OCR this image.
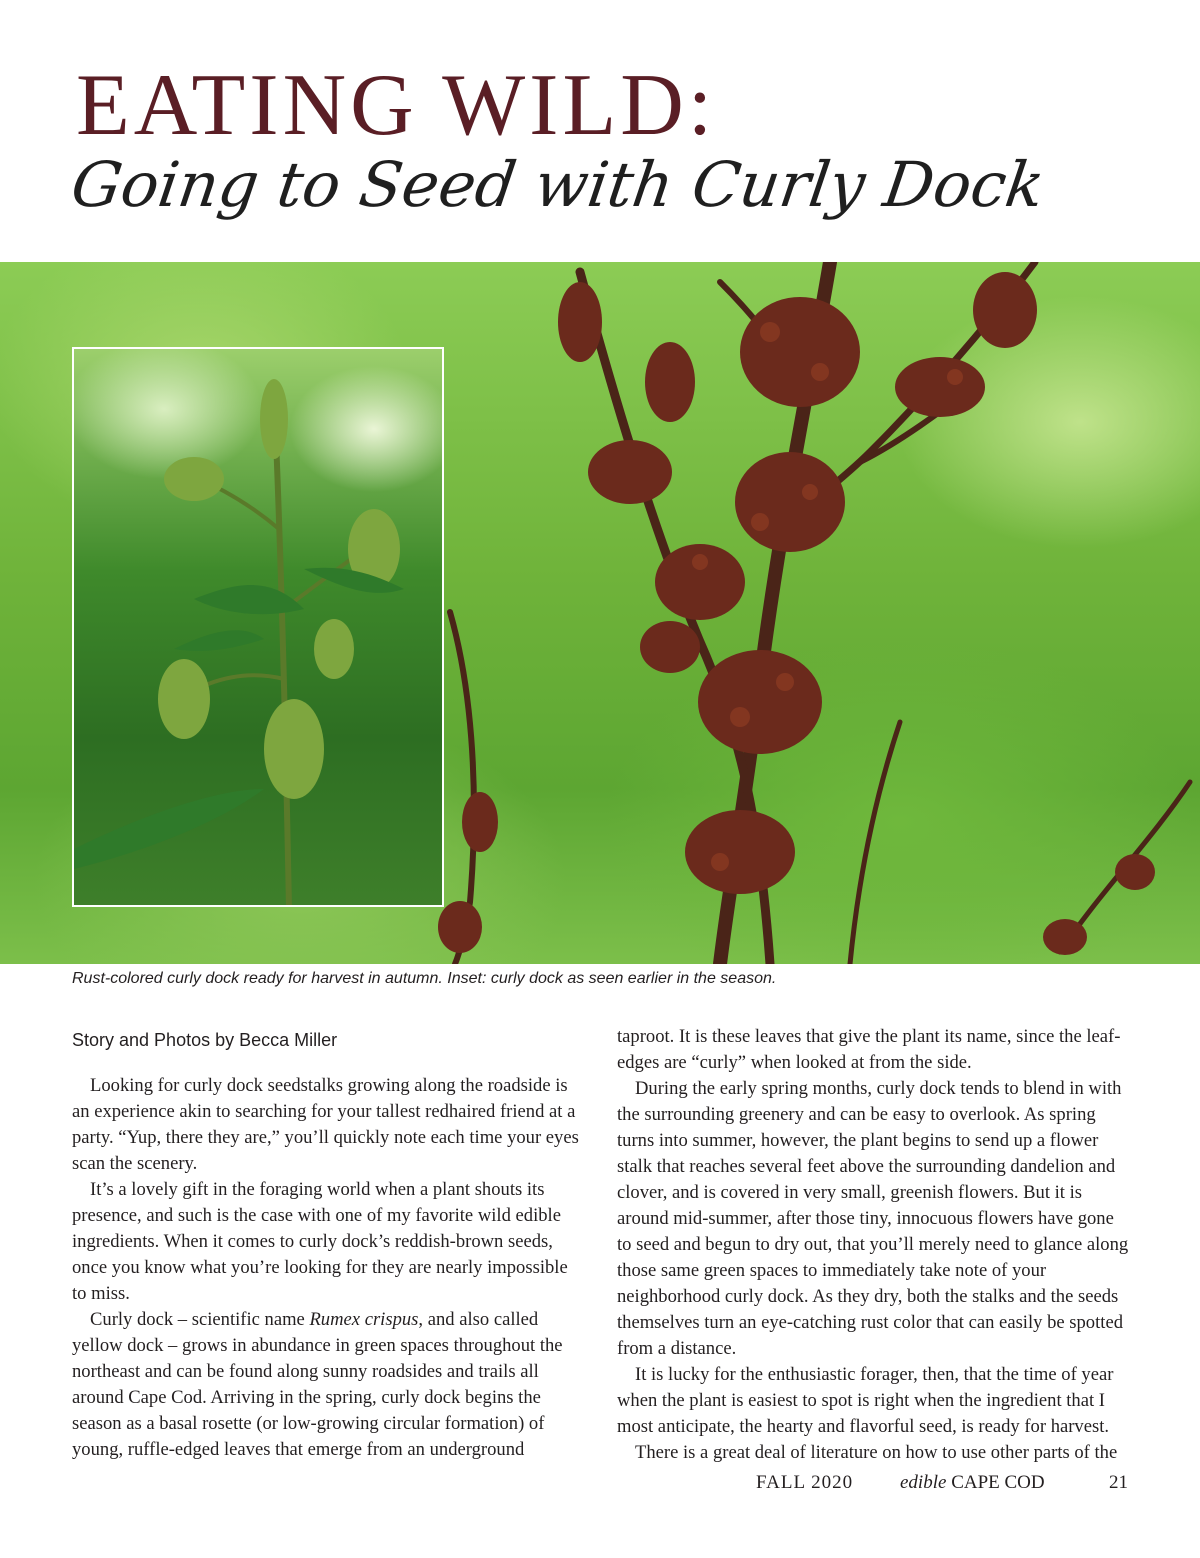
EATING WILD:
Going to Seed with Curly Dock
Rust-colored curly dock ready for harvest in autumn. Inset: curly dock as seen earlier in the season.
Story and Photos by Becca Miller

Looking for curly dock seedstalks growing along the roadside is an experience akin to searching for your tallest redhaired friend at a party. “Yup, there they are,” you’ll quickly note each time your eyes scan the scenery.

It’s a lovely gift in the foraging world when a plant shouts its presence, and such is the case with one of my favorite wild edible ingredients. When it comes to curly dock’s reddish-brown seeds, once you know what you’re looking for they are nearly impossible to miss.

Curly dock – scientific name Rumex crispus, and also called yellow dock – grows in abundance in green spaces throughout the northeast and can be found along sunny roadsides and trails all around Cape Cod. Arriving in the spring, curly dock begins the season as a basal rosette (or low-growing circular formation) of young, ruffle-edged leaves that emerge from an underground

taproot. It is these leaves that give the plant its name, since the leaf-edges are “curly” when looked at from the side.

During the early spring months, curly dock tends to blend in with the surrounding greenery and can be easy to overlook. As spring turns into summer, however, the plant begins to send up a flower stalk that reaches several feet above the surrounding dandelion and clover, and is covered in very small, greenish flowers. But it is around mid-summer, after those tiny, innocuous flowers have gone to seed and begun to dry out, that you’ll merely need to glance along those same green spaces to immediately take note of your neighborhood curly dock. As they dry, both the stalks and the seeds themselves turn an eye-catching rust color that can easily be spotted from a distance.

It is lucky for the enthusiastic forager, then, that the time of year when the plant is easiest to spot is right when the ingredient that I most anticipate, the hearty and flavorful seed, is ready for harvest.

There is a great deal of literature on how to use other parts of the

FALL 2020 edible CAPE COD	21
